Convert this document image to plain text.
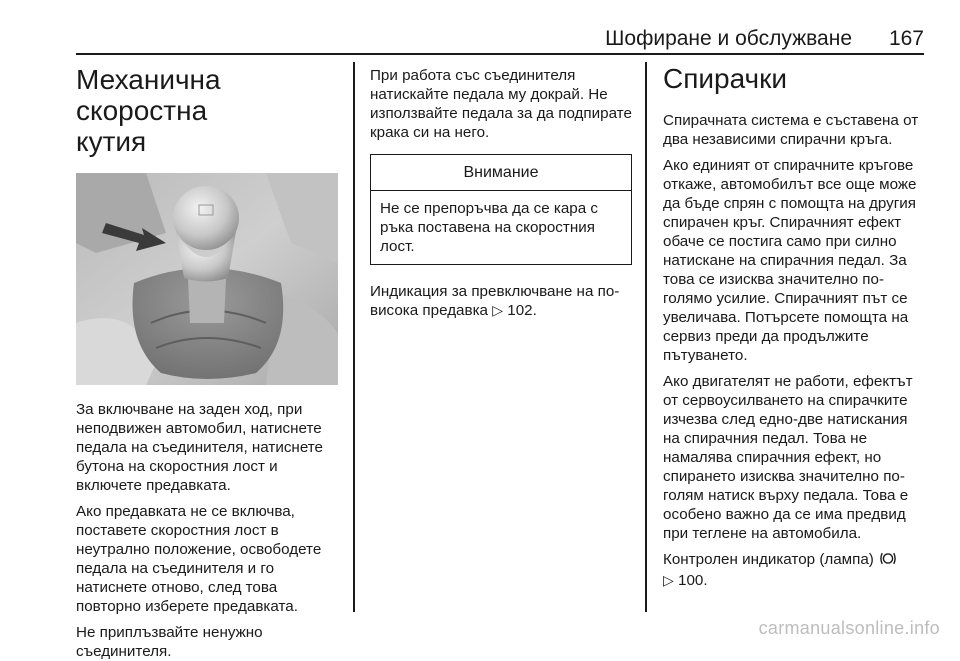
Шофиране и обслужване 167
Механична скоростна
кутия

За включване на заден ход, при неподвижен автомобил, натиснете педала на съединителя, натиснете бутона на скоростния лост и включете предавката.

Ако предавката не се включва, поставете скоростния лост в неутрално положение, освободете педала на съединителя и го натиснете отново, след това повторно изберете предавката.

Не приплъзвайте ненужно съединителя.

При работа със съединителя натискайте педала му докрай. Не използвайте педала за да подпирате крака си на него.

Внимание

Не се препоръчва да се кара с ръка поставена на скоростния лост.

Индикация за превключване на по-висока предавка ▷ 102.

Спирачки

Спирачната система е съставена от два независими спирачни кръга.

Ако единият от спирачните кръгове откаже, автомобилът все още може да бъде спрян с помощта на другия спирачен кръг. Спирачният ефект обаче се постига само при силно натискане на спирачния педал. За това се изисква значително по-голямо усилие. Спирачният път се увеличава. Потърсете помощта на сервиз преди да продължите пътуването.

Ако двигателят не работи, ефектът от сервоусилването на спирачките изчезва след едно-две натискания на спирачния педал. Това не намалява спирачния ефект, но спирането изисква значително по-голям натиск върху педала. Това е особено важно да се има предвид при теглене на автомобила.

Контролен индикатор (лампа)
▷ 100.

carmanualsonline.info
